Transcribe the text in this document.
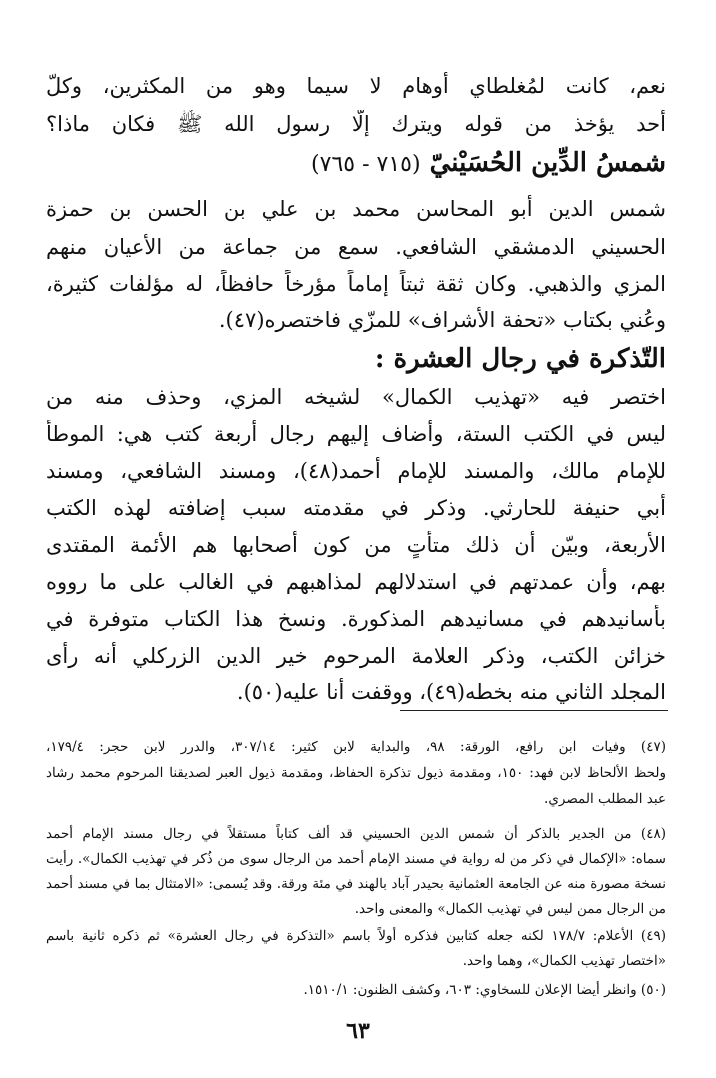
نعم، كانت لمُغلطاي أوهام لا سيما وهو من المكثرين، وكلّ
أحد يؤخذ من قوله ويترك إلّا رسول الله ﷺ فكان ماذا؟
شمسُ الدِّين الحُسَيْنيّ (٧١٥ - ٧٦٥)
شمس الدين أبو المحاسن محمد بن علي بن الحسن بن حمزة
الحسيني الدمشقي الشافعي. سمع من جماعة من الأعيان منهم
المزي والذهبي. وكان ثقة ثبتاً إماماً مؤرخاً حافظاً، له مؤلفات كثيرة،
وعُني بكتاب «تحفة الأشراف» للمزّي فاختصره(٤٧).
التّذكرة في رجال العشرة :
اختصر فيه «تهذيب الكمال» لشيخه المزي، وحذف منه من
ليس في الكتب الستة، وأضاف إليهم رجال أربعة كتب هي: الموطأ
للإمام مالك، والمسند للإمام أحمد(٤٨)، ومسند الشافعي، ومسند
أبي حنيفة للحارثي. وذكر في مقدمته سبب إضافته لهذه الكتب
الأربعة، وبيّن أن ذلك متأتٍ من كون أصحابها هم الأئمة المقتدى
بهم، وأن عمدتهم في استدلالهم لمذاهبهم في الغالب على ما رووه
بأسانيدهم في مسانيدهم المذكورة. ونسخ هذا الكتاب متوفرة في
خزائن الكتب، وذكر العلامة المرحوم خير الدين الزركلي أنه رأى
المجلد الثاني منه بخطه(٤٩)، ووقفت أنا عليه(٥٠).
(٤٧) وفيات ابن رافع، الورقة: ٩٨، والبداية لابن كثير: ٣٠٧/١٤، والدرر لابن حجر: ١٧٩/٤،
ولحظ الألحاظ لابن فهد: ١٥٠، ومقدمة ذيول تذكرة الحفاظ، ومقدمة ذيول العبر لصديقنا المرحوم محمد رشاد
عبد المطلب المصري.
(٤٨) من الجدير بالذكر أن شمس الدين الحسيني قد ألف كتاباً مستقلاً في رجال مسند الإمام أحمد
سماه: «الإكمال في ذكر من له رواية في مسند الإمام أحمد من الرجال سوى من ذُكر في تهذيب الكمال». رأيت
نسخة مصورة منه عن الجامعة العثمانية بحيدر آباد بالهند في مئة ورقة. وقد يُسمى: «الامتثال بما في مسند أحمد
من الرجال ممن ليس في تهذيب الكمال» والمعنى واحد.
(٤٩) الأعلام: ١٧٨/٧ لكنه جعله كتابين فذكره أولاً باسم «التذكرة في رجال العشرة» ثم ذكره ثانية باسم
«اختصار تهذيب الكمال»، وهما واحد.
(٥٠) وانظر أيضا الإعلان للسخاوي: ٦٠٣، وكشف الظنون: ١٥١٠/١.
٦٣
